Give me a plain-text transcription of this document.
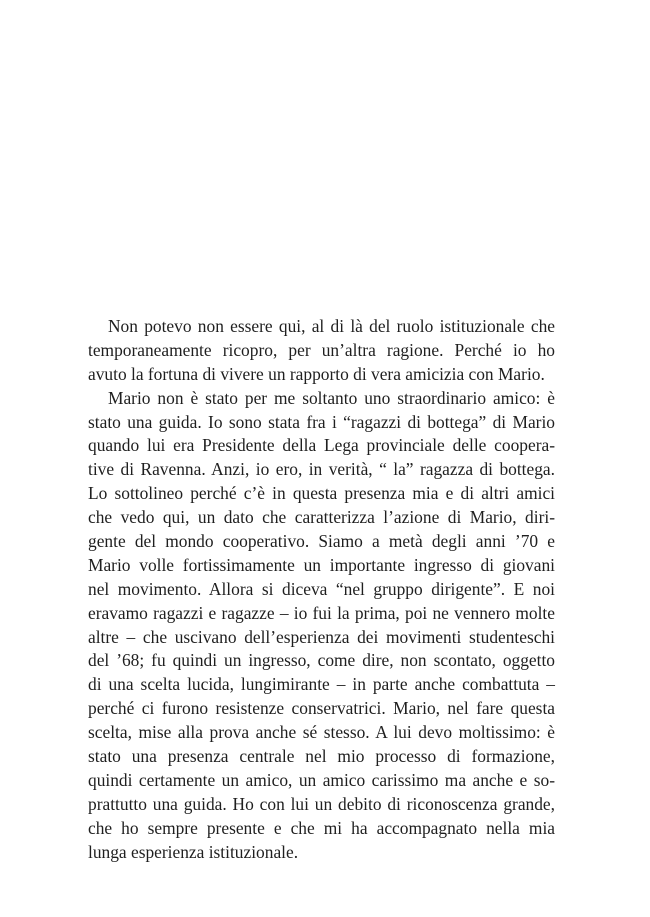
Non potevo non essere qui, al di là del ruolo istituzionale che
temporaneamente ricopro, per un’altra ragione. Perché io ho
avuto la fortuna di vivere un rapporto di vera amicizia con Mario.
Mario non è stato per me soltanto uno straordinario amico: è
stato una guida. Io sono stata fra i “ragazzi di bottega” di Mario
quando lui era Presidente della Lega provinciale delle coopera-
tive di Ravenna. Anzi, io ero, in verità, “ la” ragazza di bottega.
Lo sottolineo perché c’è in questa presenza mia e di altri amici
che vedo qui, un dato che caratterizza l’azione di Mario, diri-
gente del mondo cooperativo. Siamo a metà degli anni ’70 e
Mario volle fortissimamente un importante ingresso di giovani
nel movimento. Allora si diceva “nel gruppo dirigente”. E noi
eravamo ragazzi e ragazze – io fui la prima, poi ne vennero molte
altre – che uscivano dell’esperienza dei movimenti studenteschi
del ’68; fu quindi un ingresso, come dire, non scontato, oggetto
di una scelta lucida, lungimirante – in parte anche combattuta –
perché ci furono resistenze conservatrici. Mario, nel fare questa
scelta, mise alla prova anche sé stesso. A lui devo moltissimo: è
stato una presenza centrale nel mio processo di formazione,
quindi certamente un amico, un amico carissimo ma anche e so-
prattutto una guida. Ho con lui un debito di riconoscenza grande,
che ho sempre presente e che mi ha accompagnato nella mia
lunga esperienza istituzionale.
